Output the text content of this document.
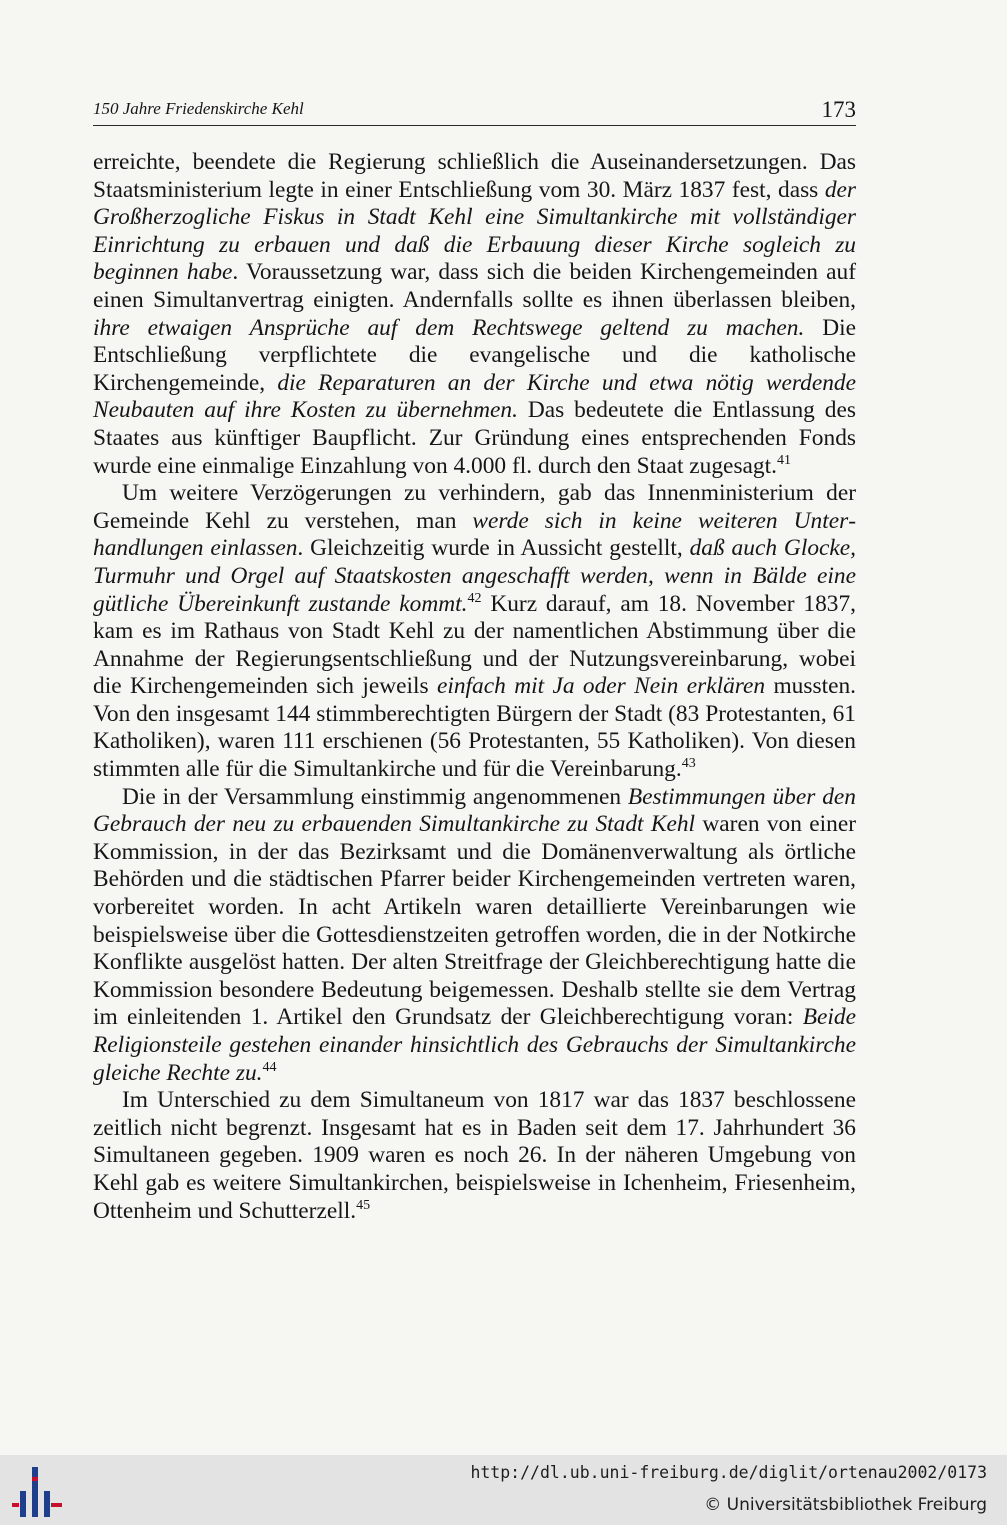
150 Jahre Friedenskirche Kehl	173

erreichte, beendete die Regierung schließlich die Auseinandersetzungen. Das Staatsministerium legte in einer Entschließung vom 30. März 1837 fest, dass der Großherzogliche Fiskus in Stadt Kehl eine Simultankirche mit vollständiger Einrichtung zu erbauen und daß die Erbauung dieser Kirche sogleich zu beginnen habe. Voraussetzung war, dass sich die beiden Kirchengemeinden auf einen Simultanvertrag einigten. Andernfalls sollte es ihnen überlassen bleiben, ihre etwaigen Ansprüche auf dem Rechtswege geltend zu machen. Die Entschließung verpflichtete die evangelische und die katholische Kirchengemeinde, die Reparaturen an der Kirche und etwa nötig werdende Neubauten auf ihre Kosten zu übernehmen. Das bedeutete die Entlassung des Staates aus künftiger Baupflicht. Zur Gründung eines entsprechenden Fonds wurde eine einmalige Einzahlung von 4.000 fl. durch den Staat zugesagt.$^{41}$

Um weitere Verzögerungen zu verhindern, gab das Innenministerium der Gemeinde Kehl zu verstehen, man werde sich in keine weiteren Unterhandlungen einlassen. Gleichzeitig wurde in Aussicht gestellt, daß auch Glocke, Turmuhr und Orgel auf Staatskosten angeschafft werden, wenn in Bälde eine gütliche Übereinkunft zustande kommt.$^{42}$ Kurz darauf, am 18. November 1837, kam es im Rathaus von Stadt Kehl zu der namentlichen Abstimmung über die Annahme der Regierungsentschließung und der Nutzungsvereinbarung, wobei die Kirchengemeinden sich jeweils einfach mit Ja oder Nein erklären mussten. Von den insgesamt 144 stimmberechtigten Bürgern der Stadt (83 Protestanten, 61 Katholiken), waren 111 erschienen (56 Protestanten, 55 Katholiken). Von diesen stimmten alle für die Simultankirche und für die Vereinbarung.$^{43}$

Die in der Versammlung einstimmig angenommenen Bestimmungen über den Gebrauch der neu zu erbauenden Simultankirche zu Stadt Kehl waren von einer Kommission, in der das Bezirksamt und die Domänenverwaltung als örtliche Behörden und die städtischen Pfarrer beider Kirchengemeinden vertreten waren, vorbereitet worden. In acht Artikeln waren detaillierte Vereinbarungen wie beispielsweise über die Gottesdienstzeiten getroffen worden, die in der Notkirche Konflikte ausgelöst hatten. Der alten Streitfrage der Gleichberechtigung hatte die Kommission besondere Bedeutung beigemessen. Deshalb stellte sie dem Vertrag im einleitenden 1. Artikel den Grundsatz der Gleichberechtigung voran: Beide Religionsteile gestehen einander hinsichtlich des Gebrauchs der Simultankirche gleiche Rechte zu.$^{44}$

Im Unterschied zu dem Simultaneum von 1817 war das 1837 beschlossene zeitlich nicht begrenzt. Insgesamt hat es in Baden seit dem 17. Jahrhundert 36 Simultaneen gegeben. 1909 waren es noch 26. In der näheren Umgebung von Kehl gab es weitere Simultankirchen, beispielsweise in Ichenheim, Friesenheim, Ottenheim und Schutterzell.$^{45}$

http://dl.ub.uni-freiburg.de/diglit/ortenau2002/0173
© Universitätsbibliothek Freiburg
